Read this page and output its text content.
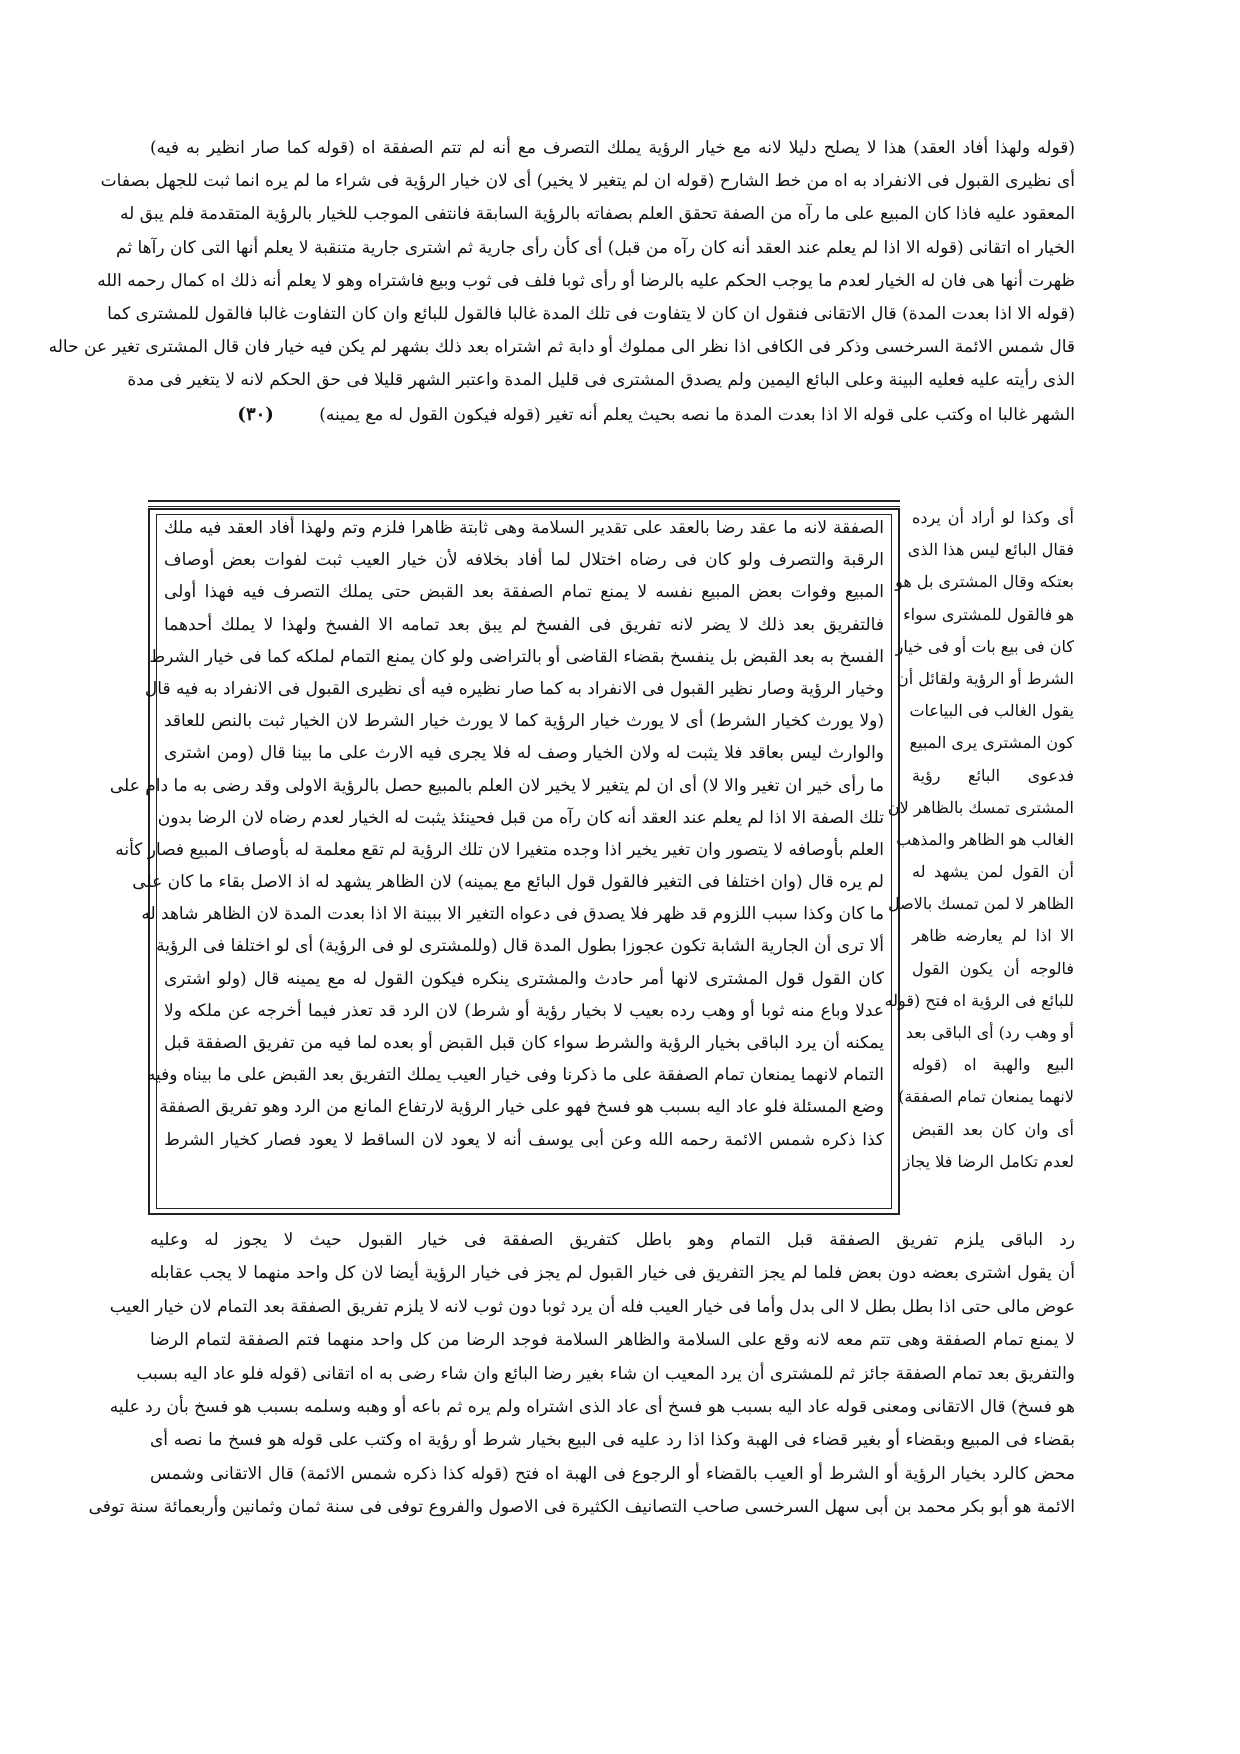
(قوله ولهذا أفاد العقد) هذا لا يصلح دليلا لانه مع خيار الرؤية يملك التصرف مع أنه لم تتم الصفقة اه (قوله كما صار انظير به فيه)

أى نظيرى القبول فى الانفراد به اه من خط الشارح (قوله ان لم يتغير لا يخير) أى لان خيار الرؤية فى شراء ما لم يره انما ثبت للجهل بصفات

المعقود عليه فاذا كان المبيع على ما رآه من الصفة تحقق العلم بصفاته بالرؤية السابقة فانتفى الموجب للخيار بالرؤية المتقدمة فلم يبق له

الخيار اه اتقانى (قوله الا اذا لم يعلم عند العقد أنه كان رآه من قبل) أى كأن رأى جارية ثم اشترى جارية متنقبة لا يعلم أنها التى كان رآها ثم

ظهرت أنها هى فان له الخيار لعدم ما يوجب الحكم عليه بالرضا أو رأى ثوبا فلف فى ثوب وبيع فاشتراه وهو لا يعلم أنه ذلك اه كمال رحمه الله

(قوله الا اذا بعدت المدة) قال الاتقانى فنقول ان كان لا يتفاوت فى تلك المدة غالبا فالقول للبائع وان كان التفاوت غالبا فالقول للمشترى كما

قال شمس الائمة السرخسى وذكر فى الكافى اذا نظر الى مملوك أو دابة ثم اشتراه بعد ذلك بشهر لم يكن فيه خيار فان قال المشترى تغير عن حاله

الذى رأيته عليه فعليه البينة وعلى البائع اليمين ولم يصدق المشترى فى قليل المدة واعتبر الشهر قليلا فى حق الحكم لانه لا يتغير فى مدة

الشهر غالبا اه وكتب على قوله الا اذا بعدت المدة ما نصه بحيث يعلم أنه تغير (قوله فيكون القول له مع يمينه) (٣٠)

الصفقة لانه ما عقد رضا بالعقد على تقدير السلامة وهى ثابتة ظاهرا فلزم وتم ولهذا أفاد العقد فيه ملك

الرقبة والتصرف ولو كان فى رضاه اختلال لما أفاد بخلافه لأن خيار العيب ثبت لفوات بعض أوصاف

المبيع وفوات بعض المبيع نفسه لا يمنع تمام الصفقة بعد القبض حتى يملك التصرف فيه فهذا أولى

فالتفريق بعد ذلك لا يضر لانه تفريق فى الفسخ لم يبق بعد تمامه الا الفسخ ولهذا لا يملك أحدهما

الفسخ به بعد القبض بل ينفسخ بقضاء القاضى أو بالتراضى ولو كان يمنع التمام لملكه كما فى خيار الشرط

وخيار الرؤية وصار نظير القبول فى الانفراد به كما صار نظيره فيه أى نظيرى القبول فى الانفراد به فيه قال

(ولا يورث كخيار الشرط) أى لا يورث خيار الرؤية كما لا يورث خيار الشرط لان الخيار ثبت بالنص للعاقد

والوارث ليس بعاقد فلا يثبت له ولان الخيار وصف له فلا يجرى فيه الارث على ما بينا قال (ومن اشترى

ما رأى خير ان تغير والا لا) أى ان لم يتغير لا يخير لان العلم بالمبيع حصل بالرؤية الاولى وقد رضى به ما دام على

تلك الصفة الا اذا لم يعلم عند العقد أنه كان رآه من قبل فحينئذ يثبت له الخيار لعدم رضاه لان الرضا بدون

العلم بأوصافه لا يتصور وان تغير يخير اذا وجده متغيرا لان تلك الرؤية لم تقع معلمة له بأوصاف المبيع فصار كأنه

لم يره قال (وان اختلفا فى التغير فالقول قول البائع مع يمينه) لان الظاهر يشهد له اذ الاصل بقاء ما كان على

ما كان وكذا سبب اللزوم قد ظهر فلا يصدق فى دعواه التغير الا ببينة الا اذا بعدت المدة لان الظاهر شاهد له

ألا ترى أن الجارية الشابة تكون عجوزا بطول المدة قال (وللمشترى لو فى الرؤية) أى لو اختلفا فى الرؤية

كان القول قول المشترى لانها أمر حادث والمشترى ينكره فيكون القول له مع يمينه قال (ولو اشترى

عدلا وباع منه ثوبا أو وهب رده بعيب لا بخيار رؤية أو شرط) لان الرد قد تعذر فيما أخرجه عن ملكه ولا

يمكنه أن يرد الباقى بخيار الرؤية والشرط سواء كان قبل القبض أو بعده لما فيه من تفريق الصفقة قبل

التمام لانهما يمنعان تمام الصفقة على ما ذكرنا وفى خيار العيب يملك التفريق بعد القبض على ما بيناه وفيه

وضع المسئلة فلو عاد اليه بسبب هو فسخ فهو على خيار الرؤية لارتفاع المانع من الرد وهو تفريق الصفقة

كذا ذكره شمس الائمة رحمه الله وعن أبى يوسف أنه لا يعود لان الساقط لا يعود فصار كخيار الشرط

أى وكذا لو أراد أن يرده

فقال البائع ليس هذا الذى

بعتكه وقال المشترى بل هو

هو فالقول للمشترى سواء

كان فى بيع بات أو فى خيار

الشرط أو الرؤية ولقائل أن

يقول الغالب فى البياعات

كون المشترى يرى المبيع

فدعوى البائع رؤية

المشترى تمسك بالظاهر لان

الغالب هو الظاهر والمذهب

أن القول لمن يشهد له

الظاهر لا لمن تمسك بالاصل

الا اذا لم يعارضه ظاهر

فالوجه أن يكون القول

للبائع فى الرؤية اه فتح (قوله

أو وهب رد) أى الباقى بعد

البيع والهبة اه (قوله

لانهما يمنعان تمام الصفقة)

أى وان كان بعد القبض

لعدم تكامل الرضا فلا يجاز

رد الباقى يلزم تفريق الصفقة قبل التمام وهو باطل كتفريق الصفقة فى خيار القبول حيث لا يجوز له وعليه

أن يقول اشترى بعضه دون بعض فلما لم يجز التفريق فى خيار القبول لم يجز فى خيار الرؤية أيضا لان كل واحد منهما لا يجب عقابله

عوض مالى حتى اذا بطل بطل لا الى بدل وأما فى خيار العيب فله أن يرد ثوبا دون ثوب لانه لا يلزم تفريق الصفقة بعد التمام لان خيار العيب

لا يمنع تمام الصفقة وهى تتم معه لانه وقع على السلامة والظاهر السلامة فوجد الرضا من كل واحد منهما فتم الصفقة لتمام الرضا

والتفريق بعد تمام الصفقة جائز ثم للمشترى أن يرد المعيب ان شاء بغير رضا البائع وان شاء رضى به اه اتقانى (قوله فلو عاد اليه بسبب

هو فسخ) قال الاتقانى ومعنى قوله عاد اليه بسبب هو فسخ أى عاد الذى اشتراه ولم يره ثم باعه أو وهبه وسلمه بسبب هو فسخ بأن رد عليه

بقضاء فى المبيع وبقضاء أو بغير قضاء فى الهبة وكذا اذا رد عليه فى البيع بخيار شرط أو رؤية اه وكتب على قوله هو فسخ ما نصه أى

محض كالرد بخيار الرؤية أو الشرط أو العيب بالقضاء أو الرجوع فى الهبة اه فتح (قوله كذا ذكره شمس الائمة) قال الاتقانى وشمس

الائمة هو أبو بكر محمد بن أبى سهل السرخسى صاحب التصانيف الكثيرة فى الاصول والفروع توفى فى سنة ثمان وثمانين وأربعمائة سنة توفى
